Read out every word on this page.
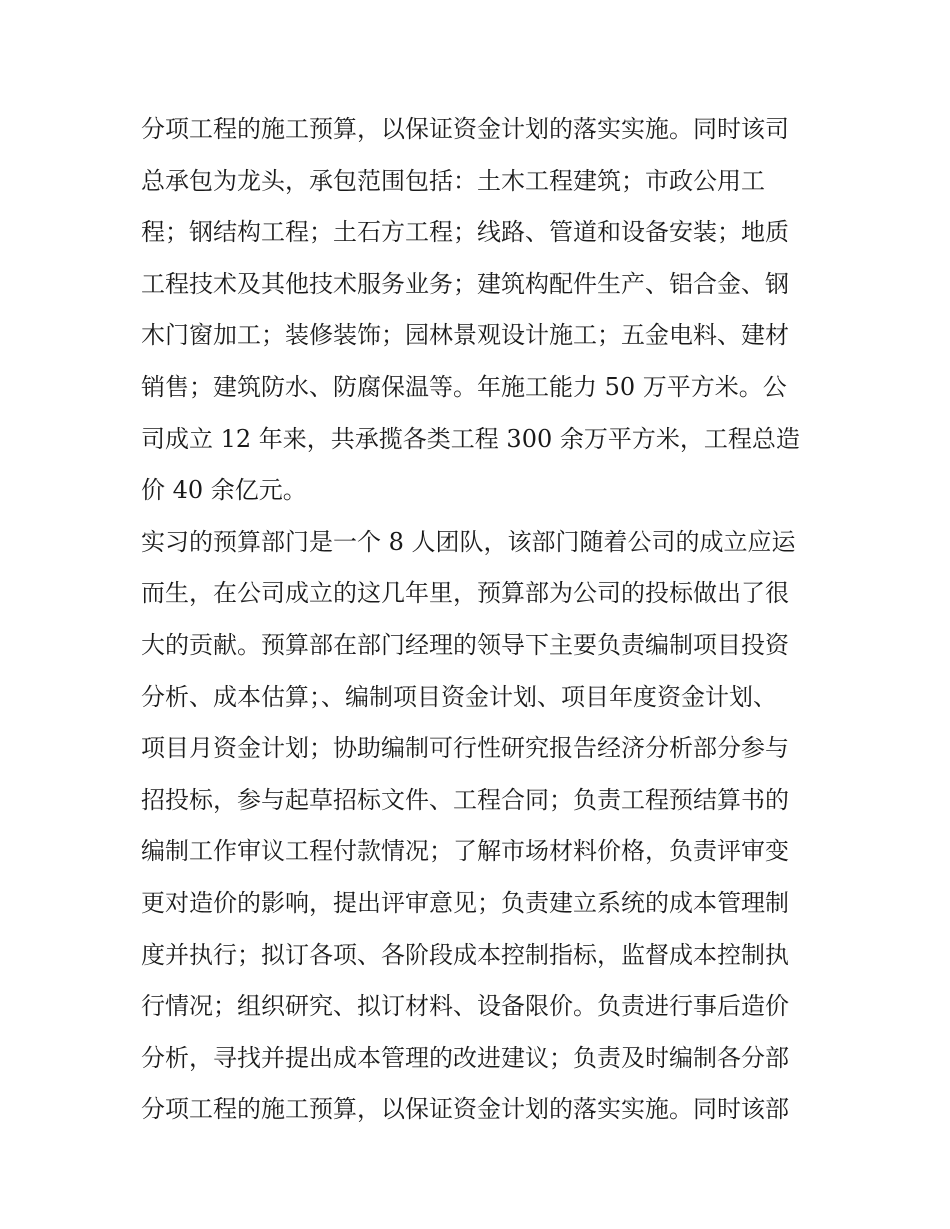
分项工程的施工预算，以保证资金计划的落实实施。同时该司
总承包为龙头，承包范围包括：土木工程建筑；市政公用工
程；钢结构工程；土石方工程；线路、管道和设备安装；地质
工程技术及其他技术服务业务；建筑构配件生产、铝合金、钢
木门窗加工；装修装饰；园林景观设计施工；五金电料、建材
销售；建筑防水、防腐保温等。年施工能力 50 万平方米。公
司成立 12 年来，共承揽各类工程 300 余万平方米，工程总造
价 40 余亿元。
实习的预算部门是一个 8 人团队，该部门随着公司的成立应运
而生，在公司成立的这几年里，预算部为公司的投标做出了很
大的贡献。预算部在部门经理的领导下主要负责编制项目投资
分析、成本估算；、编制项目资金计划、项目年度资金计划、
项目月资金计划；协助编制可行性研究报告经济分析部分参与
招投标，参与起草招标文件、工程合同；负责工程预结算书的
编制工作审议工程付款情况；了解市场材料价格，负责评审变
更对造价的影响，提出评审意见；负责建立系统的成本管理制
度并执行；拟订各项、各阶段成本控制指标，监督成本控制执
行情况；组织研究、拟订材料、设备限价。负责进行事后造价
分析，寻找并提出成本管理的改进建议；负责及时编制各分部
分项工程的施工预算，以保证资金计划的落实实施。同时该部
